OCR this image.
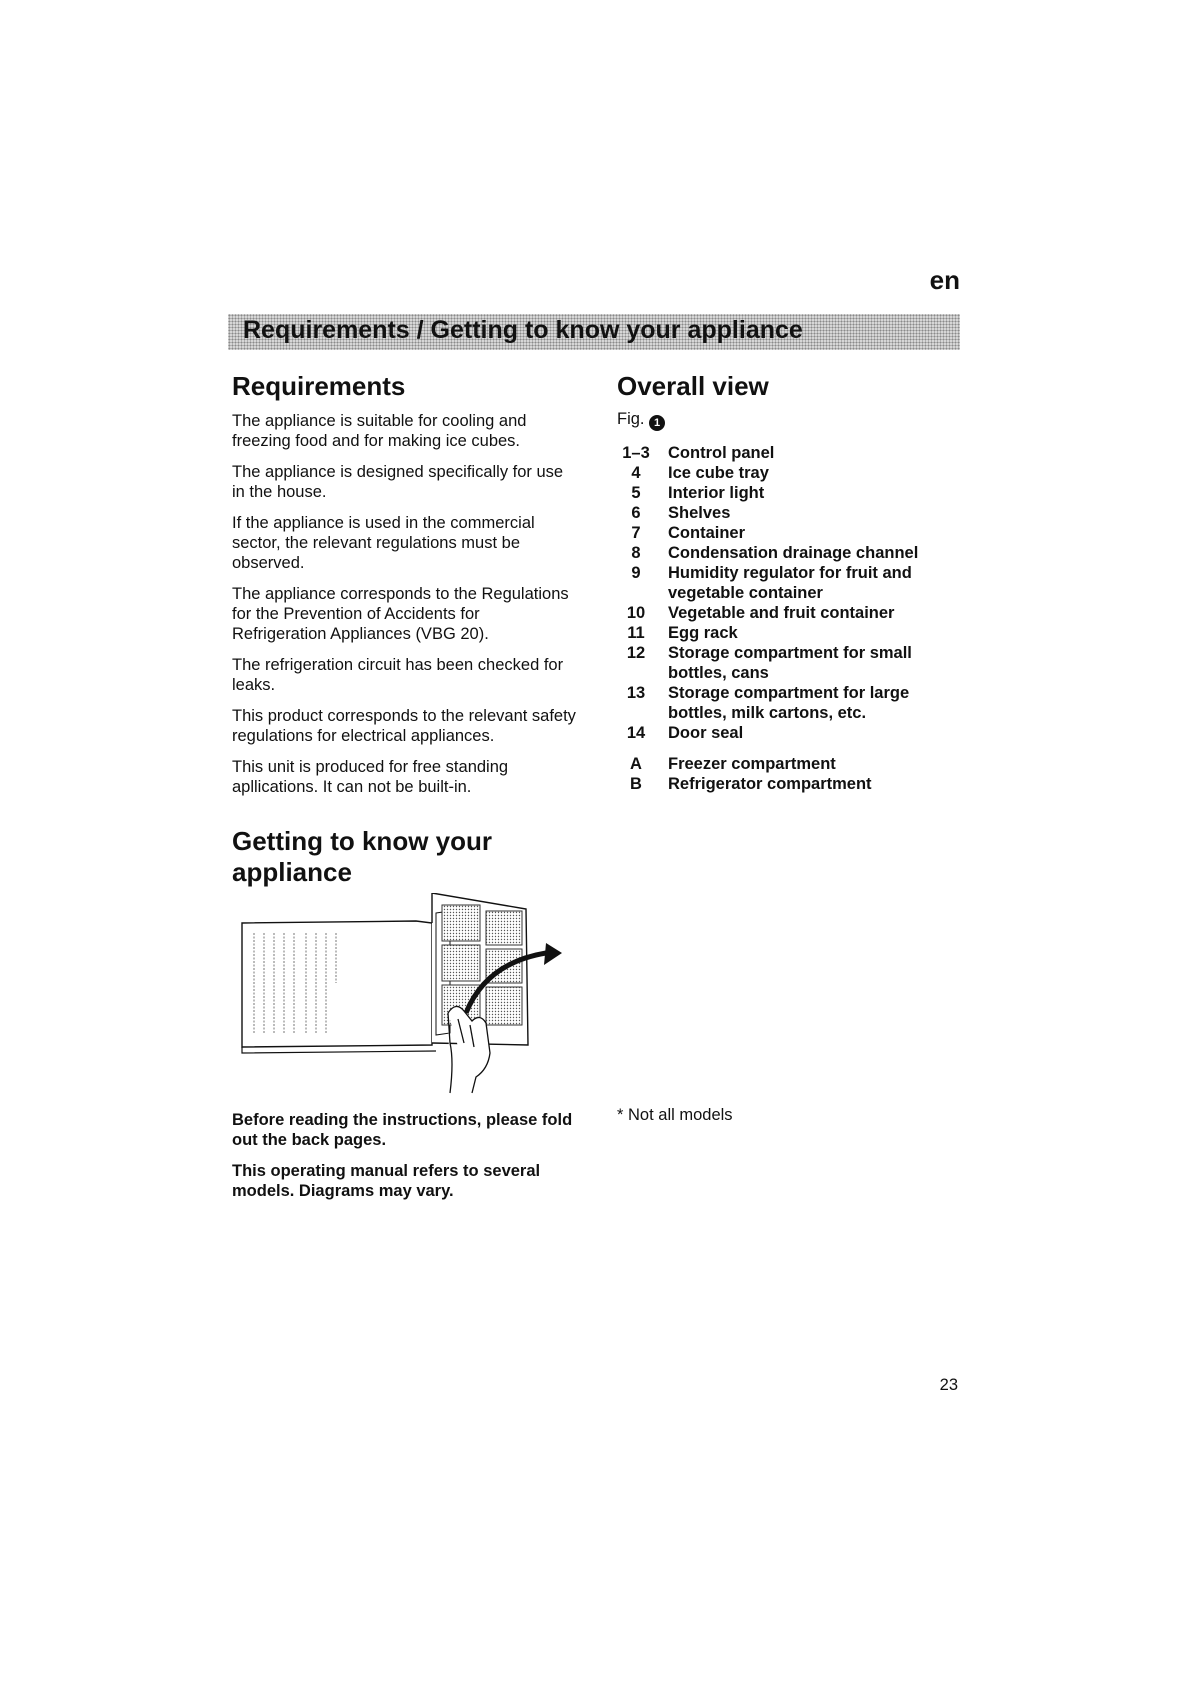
en
Requirements / Getting to know your appliance
Requirements

The appliance is suitable for cooling and freezing food and for making ice cubes.

The appliance is designed specifically for use in the house.

If the appliance is used in the commercial sector, the relevant regulations must be observed.

The appliance corresponds to the Regulations for the Prevention of Accidents for Refrigeration Appliances (VBG 20).

The refrigeration circuit has been checked for leaks.

This product corresponds to the relevant safety regulations for electrical appliances.

This unit is produced for free standing apllications. It can not be built-in.

Getting to know your appliance

Before reading the instructions, please fold out the back pages.

This operating manual refers to several models. Diagrams may vary.

Overall view
Fig. 1
1–3	Control panel
4	Ice cube tray
5	Interior light
6	Shelves
7	Container
8	Condensation drainage channel
9	Humidity regulator for fruit and vegetable container
10	Vegetable and fruit container
11	Egg rack
12	Storage compartment for small bottles, cans
13	Storage compartment for large bottles, milk cartons, etc.
14	Door seal
A	Freezer compartment
B	Refrigerator compartment
* Not all models
23
